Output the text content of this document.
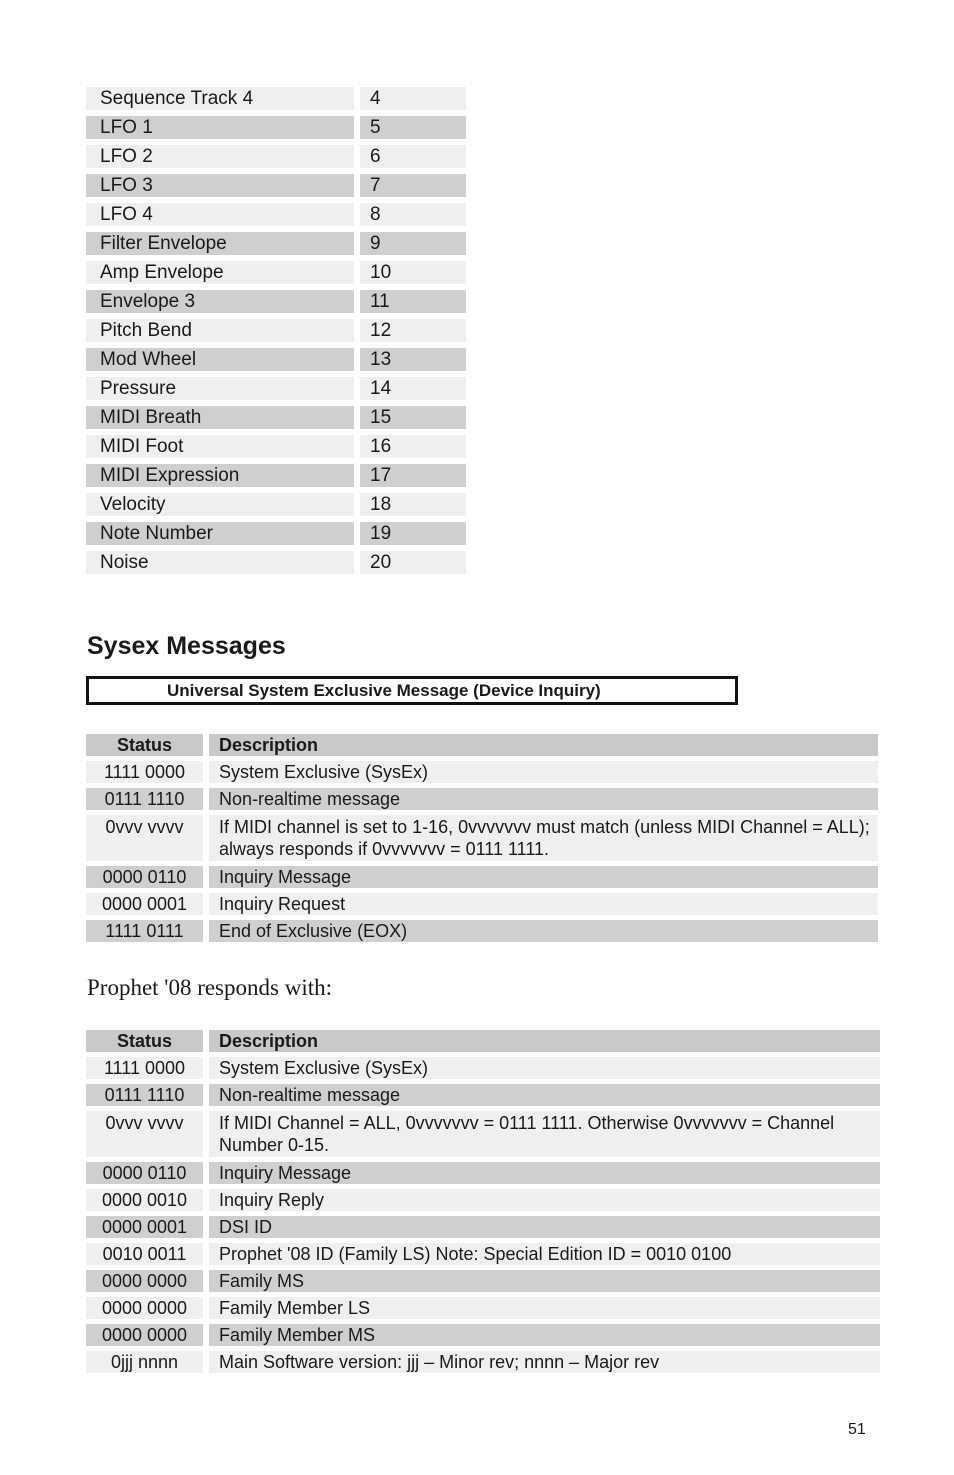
Sequence Track 4	4
LFO 1	5
LFO 2	6
LFO 3	7
LFO 4	8
Filter Envelope	9
Amp Envelope	10
Envelope 3	11
Pitch Bend	12
Mod Wheel	13
Pressure	14
MIDI Breath	15
MIDI Foot	16
MIDI Expression	17
Velocity	18
Note Number	19
Noise	20
Sysex Messages
Universal System Exclusive Message (Device Inquiry)
Status	Description
1111 0000	System Exclusive (SysEx)
0111 1110	Non-realtime message
0vvv vvvv	If MIDI channel is set to 1-16, 0vvvvvvv must match (unless MIDI Channel = ALL); always responds if 0vvvvvvv = 0111 1111.
0000 0110	Inquiry Message
0000 0001	Inquiry Request
1111 0111	End of Exclusive (EOX)

Prophet '08 responds with:

Status	Description
1111 0000	System Exclusive (SysEx)
0111 1110	Non-realtime message
0vvv vvvv	If MIDI Channel = ALL, 0vvvvvvv = 0111 1111. Otherwise 0vvvvvvv = Channel Number 0-15.
0000 0110	Inquiry Message
0000 0010	Inquiry Reply
0000 0001	DSI ID
0010 0011	Prophet '08 ID (Family LS) Note: Special Edition ID = 0010 0100
0000 0000	Family MS
0000 0000	Family Member LS
0000 0000	Family Member MS
0jjj nnnn	Main Software version: jjj – Minor rev; nnnn – Major rev
51
